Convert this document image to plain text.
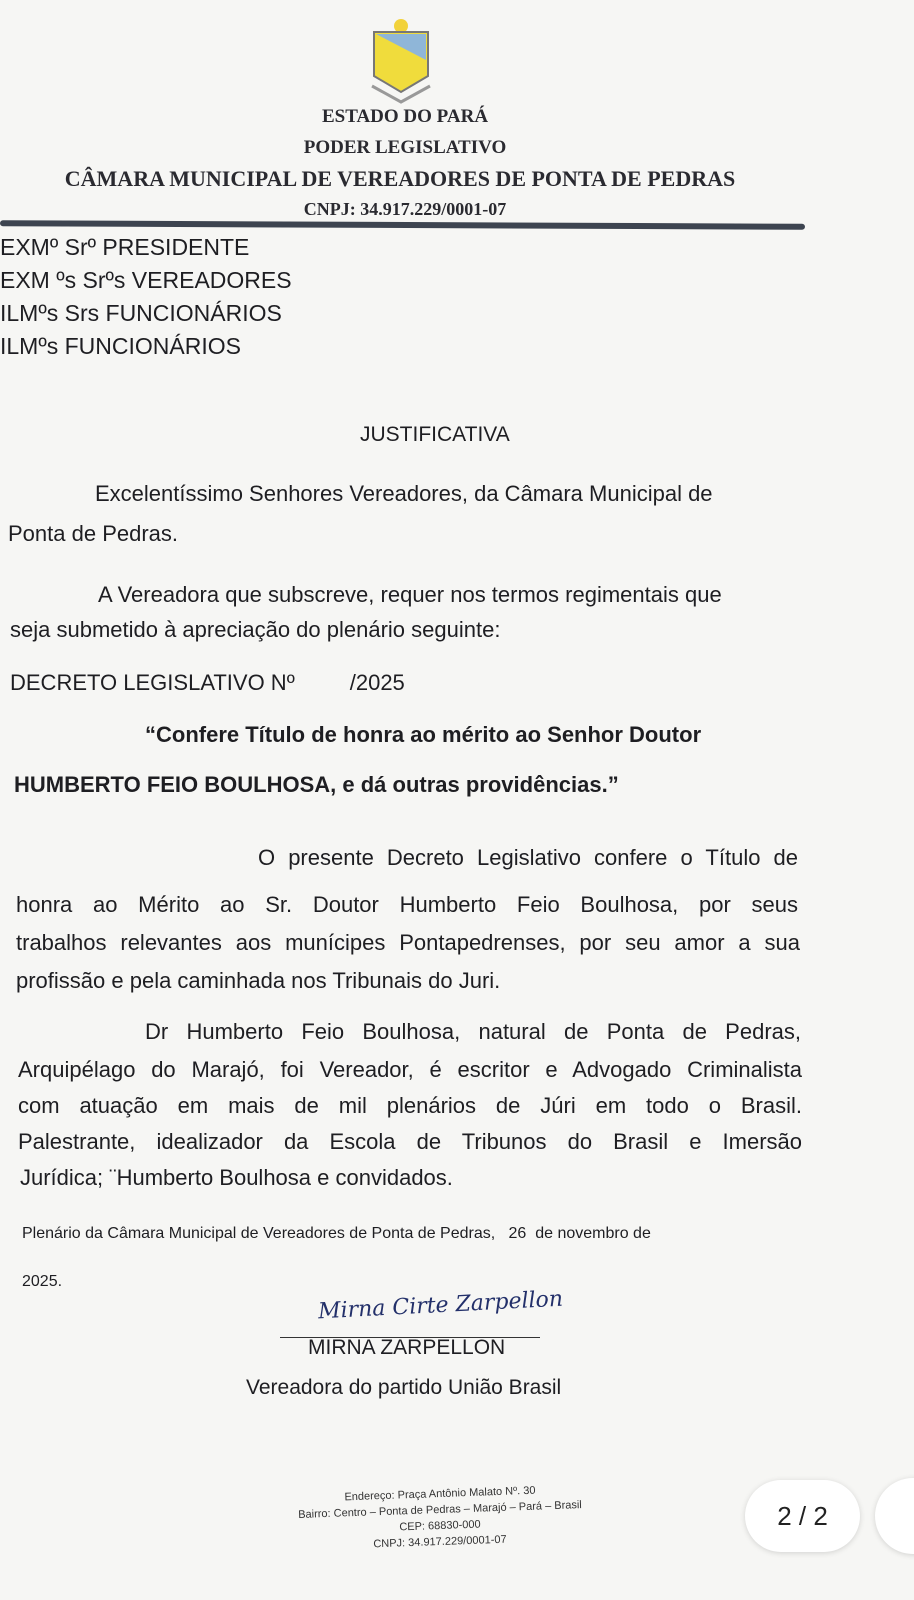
ESTADO DO PARÁ
PODER LEGISLATIVO
CÂMARA MUNICIPAL DE VEREADORES DE PONTA DE PEDRAS
CNPJ: 34.917.229/0001-07
EXMº Srº PRESIDENTE
EXM ºs Srºs VEREADORES
ILMºs Srs FUNCIONÁRIOS
ILMºs FUNCIONÁRIOS
JUSTIFICATIVA
Excelentíssimo Senhores Vereadores, da Câmara Municipal de
Ponta de Pedras.
A Vereadora que subscreve, requer nos termos regimentais que
seja submetido à apreciação do plenário seguinte:
DECRETO LEGISLATIVO Nº         /2025
“Confere Título de honra ao mérito ao Senhor Doutor
HUMBERTO FEIO BOULHOSA, e dá outras providências.”
O presente Decreto Legislativo confere o Título de
honra ao Mérito ao Sr. Doutor Humberto Feio Boulhosa, por seus
trabalhos relevantes aos munícipes Pontapedrenses, por seu amor a sua
profissão e pela caminhada nos Tribunais do Juri.
Dr Humberto Feio Boulhosa, natural de Ponta de Pedras,
Arquipélago do Marajó, foi Vereador, é escritor e Advogado Criminalista
com atuação em mais de mil plenários de Júri em todo o Brasil.
Palestrante, idealizador da Escola de Tribunos do Brasil e Imersão
Jurídica; ¨Humberto Boulhosa e convidados.
Plenário da Câmara Municipal de Vereadores de Ponta de Pedras,   26  de novembro de
2025.
Mirna Cirte Zarpellon
MIRNA ZARPELLON
Vereadora do partido União Brasil
Endereço: Praça Antônio Malato Nº. 30
Bairro: Centro – Ponta de Pedras – Marajó – Pará – Brasil
CEP: 68830-000
CNPJ: 34.917.229/0001-07
2 / 2
